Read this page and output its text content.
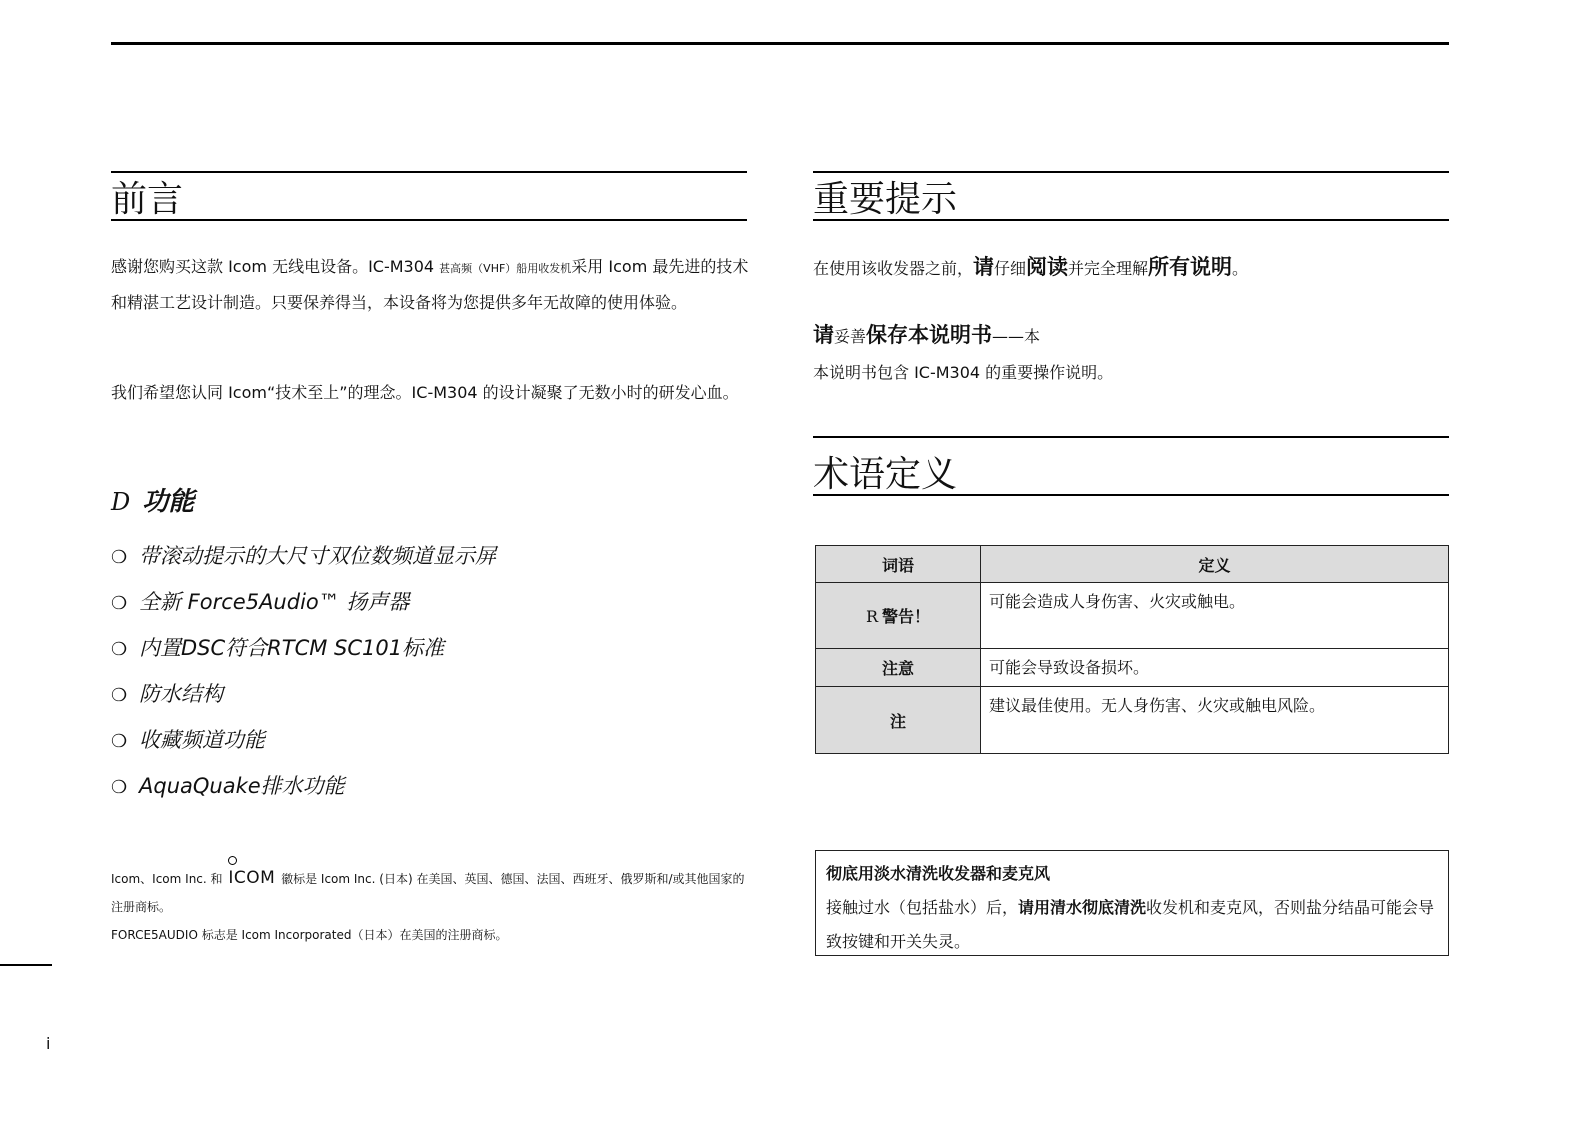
前言

感谢您购买这款 Icom 无线电设备。IC-M304 甚高频（VHF）船用收发机采用 Icom 最先进的技术和精湛工艺设计制造。只要保养得当，本设备将为您提供多年无故障的使用体验。

我们希望您认同 Icom“技术至上”的理念。IC-M304 的设计凝聚了无数小时的研发心血。

D 功能
❍ 带滚动提示的大尺寸双位数频道显示屏
❍ 全新 Force5Audio™ 扬声器
❍ 内置DSC符合RTCM SC101标准
❍ 防水结构
❍ 收藏频道功能
❍ AquaQuake排水功能
Icom、Icom Inc. 和
ICOM 徽标是 Icom Inc. (日本) 在美国、英国、德国、法国、西班牙、俄罗斯和/或其他国家的注册商标。
FORCE5AUDIO 标志是 Icom Incorporated（日本）在美国的注册商标。
i
重要提示

在使用该收发器之前，请仔细阅读并完全理解所有说明。

请妥善保存本说明书——本

本说明书包含 IC-M304 的重要操作说明。

术语定义
词语	定义
R 警告！	可能会造成人身伤害、火灾或触电。
注意	可能会导致设备损坏。
注	建议最佳使用。无人身伤害、火灾或触电风险。
彻底用淡水清洗收发器和麦克风
接触过水（包括盐水）后，请用清水彻底清洗收发机和麦克风，否则盐分结晶可能会导致按键和开关失灵。
